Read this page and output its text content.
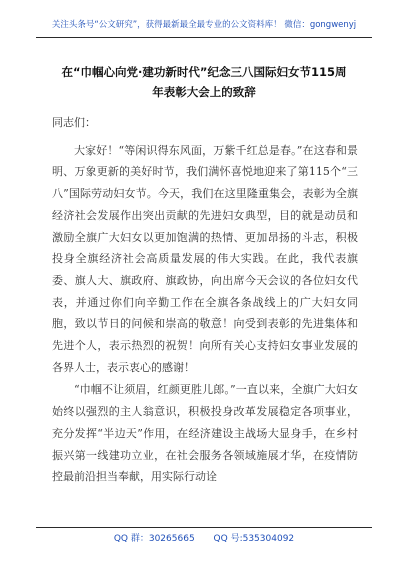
关注头条号“公文研究”，获得最新最全最专业的公文资料库！ 微信：gongwenyj
在“巾帼心向党·建功新时代”纪念三八国际妇女节115周
年表彰大会上的致辞

同志们：

大家好！“等闲识得东风面，万紫千红总是春。”在这春和景明、万象更新的美好时节，我们满怀喜悦地迎来了第115个“三八”国际劳动妇女节。今天，我们在这里隆重集会，表彰为全旗经济社会发展作出突出贡献的先进妇女典型，目的就是动员和激励全旗广大妇女以更加饱满的热情、更加昂扬的斗志，积极投身全旗经济社会高质量发展的伟大实践。在此，我代表旗委、旗人大、旗政府、旗政协，向出席今天会议的各位妇女代表，并通过你们向辛勤工作在全旗各条战线上的广大妇女同胞，致以节日的问候和崇高的敬意！向受到表彰的先进集体和先进个人，表示热烈的祝贺！向所有关心支持妇女事业发展的各界人士，表示衷心的感谢！

“巾帼不让须眉，红颜更胜儿郎。”一直以来，全旗广大妇女始终以强烈的主人翁意识，积极投身改革发展稳定各项事业，充分发挥“半边天”作用，在经济建设主战场大显身手，在乡村振兴第一线建功立业，在社会服务各领域施展才华，在疫情防控最前沿担当奉献，用实际行动诠

QQ 群：30265665 QQ 号:535304092
